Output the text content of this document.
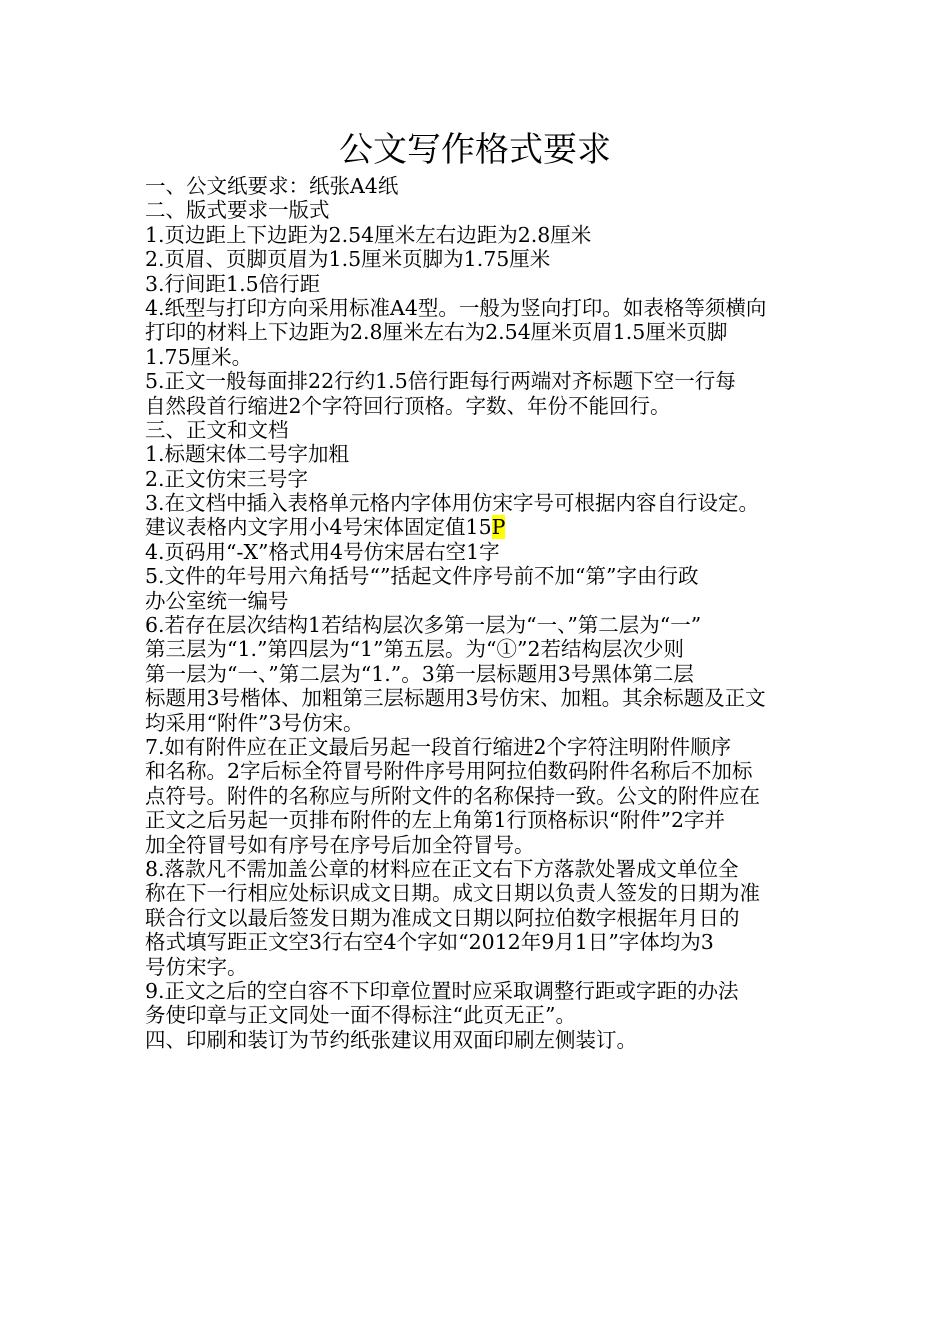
公文写作格式要求
一、公文纸要求：纸张A4纸
二、版式要求一版式
1.页边距上下边距为2.54厘米左右边距为2.8厘米
2.页眉、页脚页眉为1.5厘米页脚为1.75厘米
3.行间距1.5倍行距
4.纸型与打印方向采用标准A4型。一般为竖向打印。如表格等须横向
打印的材料上下边距为2.8厘米左右为2.54厘米页眉1.5厘米页脚
1.75厘米。
5.正文一般每面排22行约1.5倍行距每行两端对齐标题下空一行每
自然段首行缩进2个字符回行顶格。字数、年份不能回行。
三、正文和文档
1.标题宋体二号字加粗
2.正文仿宋三号字
3.在文档中插入表格单元格内字体用仿宋字号可根据内容自行设定。
建议表格内文字用小4号宋体固定值15P
4.页码用“-X”格式用4号仿宋居右空1字
5.文件的年号用六角括号“”括起文件序号前不加“第”字由行政
办公室统一编号
6.若存在层次结构1若结构层次多第一层为“一、”第二层为“一”
第三层为“1.”第四层为“1”第五层。为“①”2若结构层次少则
第一层为“一、”第二层为“1.”。3第一层标题用3号黑体第二层
标题用3号楷体、加粗第三层标题用3号仿宋、加粗。其余标题及正文
均采用“附件”3号仿宋。
7.如有附件应在正文最后另起一段首行缩进2个字符注明附件顺序
和名称。2字后标全符冒号附件序号用阿拉伯数码附件名称后不加标
点符号。附件的名称应与所附文件的名称保持一致。公文的附件应在
正文之后另起一页排布附件的左上角第1行顶格标识“附件”2字并
加全符冒号如有序号在序号后加全符冒号。
8.落款凡不需加盖公章的材料应在正文右下方落款处署成文单位全
称在下一行相应处标识成文日期。成文日期以负责人签发的日期为准
联合行文以最后签发日期为准成文日期以阿拉伯数字根据年月日的
格式填写距正文空3行右空4个字如“2012年9月1日”字体均为3
号仿宋字。
9.正文之后的空白容不下印章位置时应采取调整行距或字距的办法
务使印章与正文同处一面不得标注“此页无正”。
四、印刷和装订为节约纸张建议用双面印刷左侧装订。
